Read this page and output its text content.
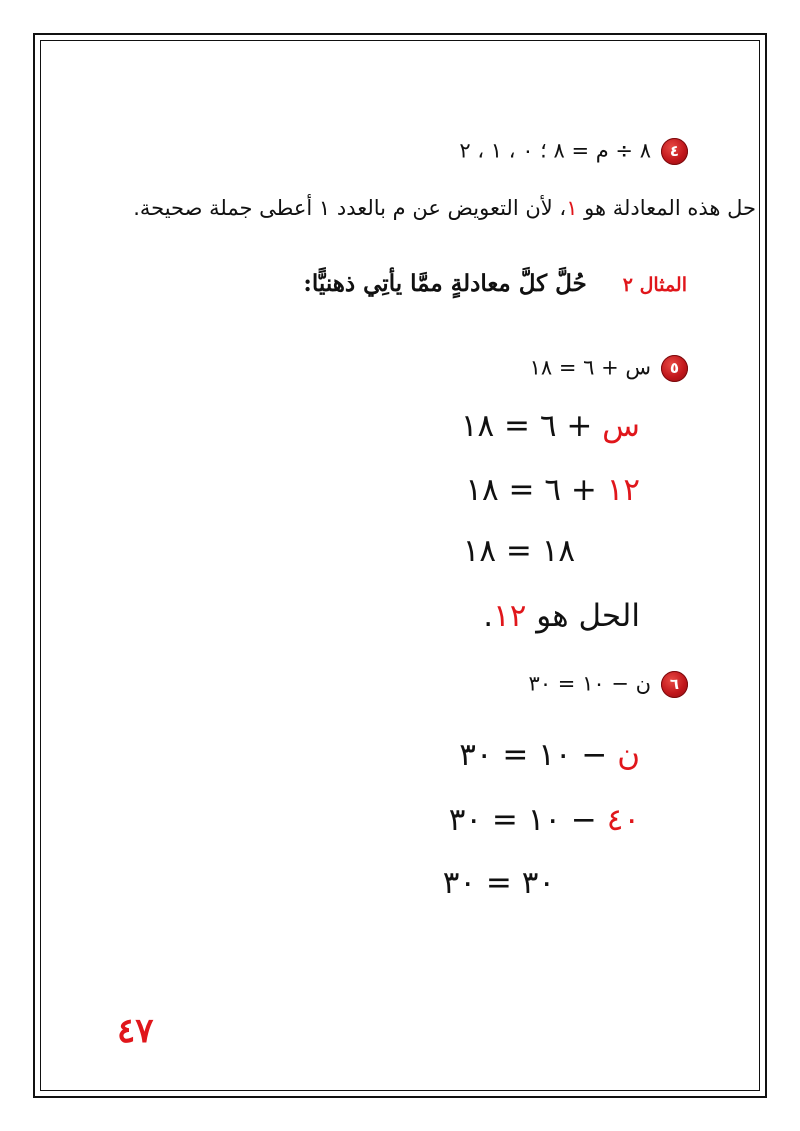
٤٨ ÷ م = ٨ ؛ ٠ ، ١ ، ٢
حل هذه المعادلة هو ١، لأن التعويض عن م بالعدد ١ أعطى جملة صحيحة.
المثال ٢حُلَّ كلَّ معادلةٍ ممَّا يأتِي ذهنيًّا:
٥س + ٦ = ١٨
س + ٦ = ١٨
١٢ + ٦ = ١٨
١٨ = ١٨
الحل هو ١٢.
٦ن − ١٠ = ٣٠
ن − ١٠ = ٣٠
٤٠ − ١٠ = ٣٠
٣٠ = ٣٠
٤٧
